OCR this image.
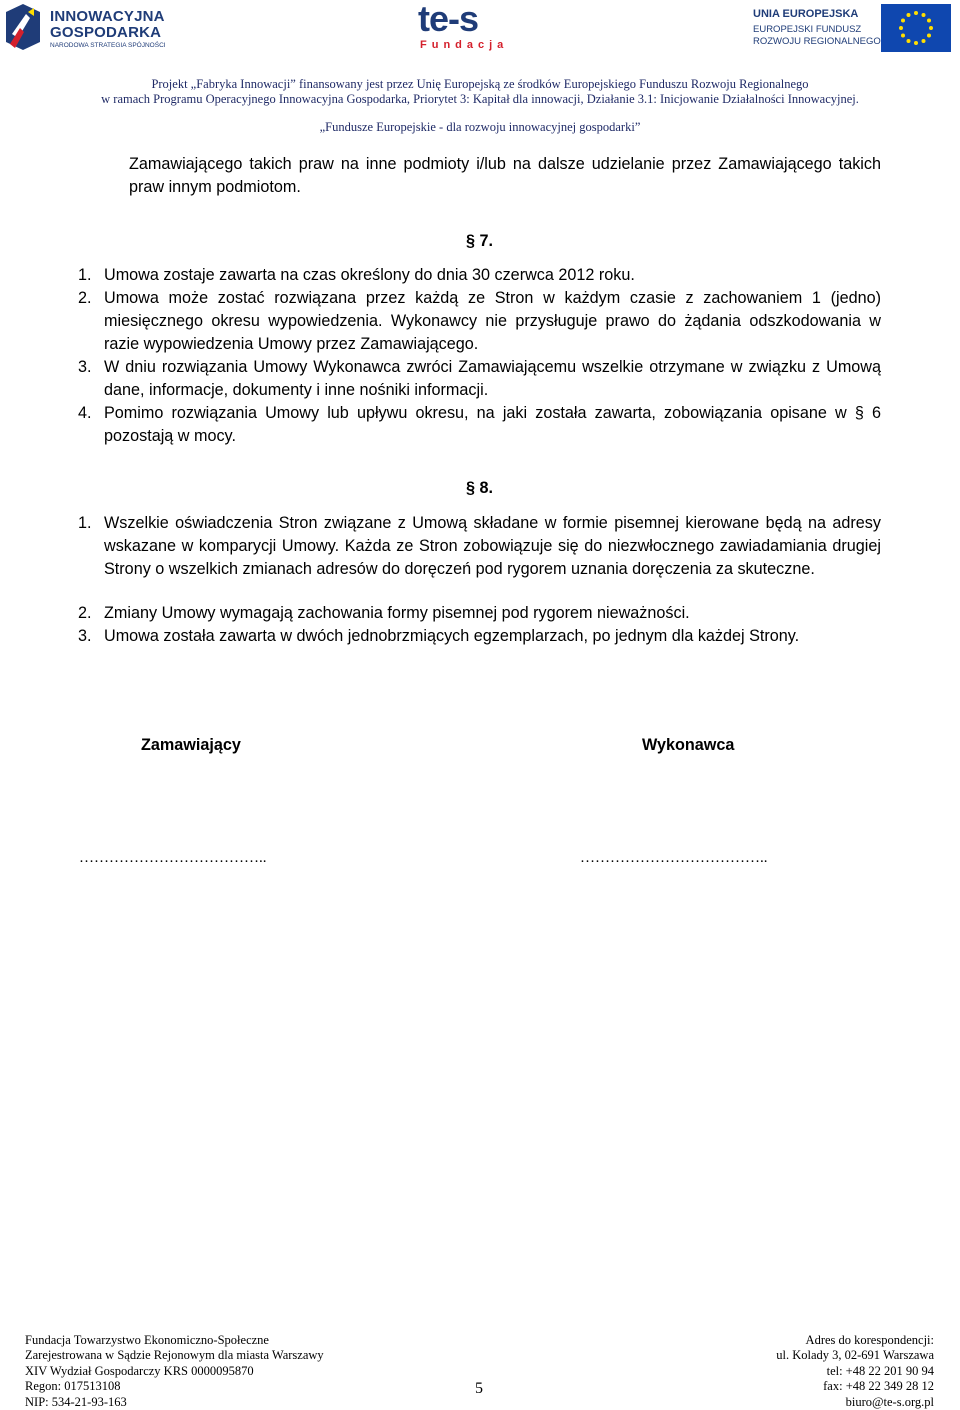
INNOWACYJNA
GOSPODARKA
NARODOWA STRATEGIA SPÓJNOŚCI
te-s
Fundacja
UNIA EUROPEJSKA
EUROPEJSKI FUNDUSZ
ROZWOJU REGIONALNEGO
Projekt „Fabryka Innowacji” finansowany jest przez Unię Europejską ze środków Europejskiego Funduszu Rozwoju Regionalnego
w ramach Programu Operacyjnego Innowacyjna Gospodarka, Priorytet 3: Kapitał dla innowacji, Działanie 3.1: Inicjowanie Działalności Innowacyjnej.
„Fundusze Europejskie - dla rozwoju innowacyjnej gospodarki”
Zamawiającego takich praw na inne podmioty i/lub na dalsze udzielanie przez Zamawiającego takich praw innym podmiotom.
§ 7.
1. Umowa zostaje zawarta na czas określony do dnia 30 czerwca 2012 roku.
2. Umowa może zostać rozwiązana przez każdą ze Stron w każdym czasie z zachowaniem 1 (jedno) miesięcznego okresu wypowiedzenia. Wykonawcy nie przysługuje prawo do żądania odszkodowania w razie wypowiedzenia Umowy przez Zamawiającego.
3. W dniu rozwiązania Umowy Wykonawca zwróci Zamawiającemu wszelkie otrzymane w związku z Umową dane, informacje, dokumenty i inne nośniki informacji.
4. Pomimo rozwiązania Umowy lub upływu okresu, na jaki została zawarta, zobowiązania opisane w § 6 pozostają w mocy.
§ 8.
1. Wszelkie oświadczenia Stron związane z Umową składane w formie pisemnej kierowane będą na adresy wskazane w komparycji Umowy. Każda ze Stron zobowiązuje się do niezwłocznego zawiadamiania drugiej Strony o wszelkich zmianach adresów do doręczeń pod rygorem uznania doręczenia za skuteczne.
2. Zmiany Umowy wymagają zachowania formy pisemnej pod rygorem nieważności.
3. Umowa została zawarta w dwóch jednobrzmiących egzemplarzach, po jednym dla każdej Strony.
Zamawiający	Wykonawca
………………………………..	………………………………..
Fundacja Towarzystwo Ekonomiczno-Społeczne
Zarejestrowana w Sądzie Rejonowym dla miasta Warszawy
XIV Wydział Gospodarczy KRS 0000095870
Regon: 017513108
NIP: 534-21-93-163
5
Adres do korespondencji:
ul. Kolady 3, 02-691 Warszawa
tel: +48 22 201 90 94
fax: +48 22 349 28 12
biuro@te-s.org.pl
